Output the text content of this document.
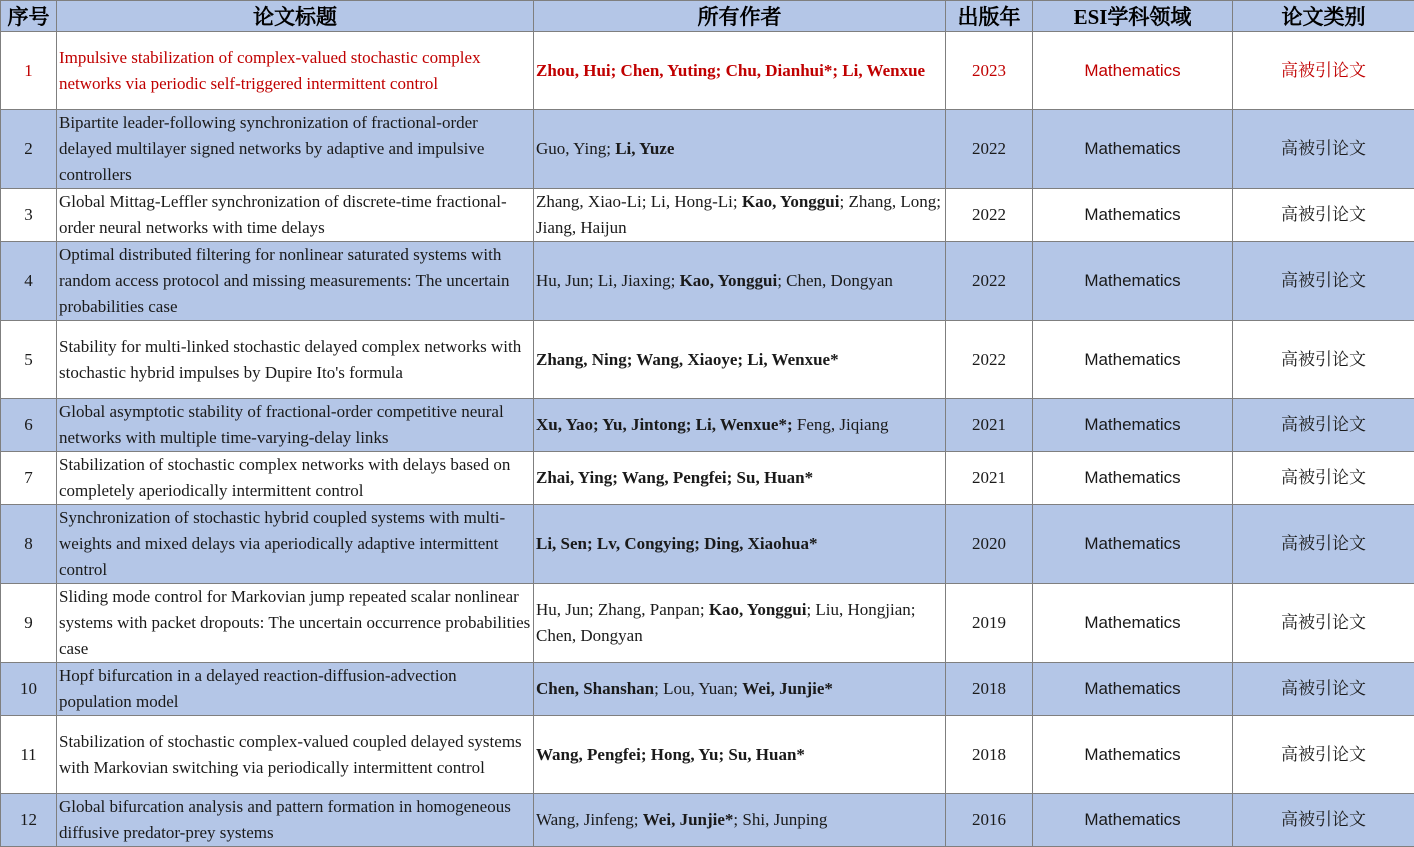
序号	论文标题	所有作者	出版年	ESI学科领域	论文类别
1	Impulsive stabilization of complex-valued stochastic complex networks via periodic self-triggered intermittent control	Zhou, Hui; Chen, Yuting; Chu, Dianhui*; Li, Wenxue	2023	Mathematics	高被引论文
2	Bipartite leader-following synchronization of fractional-order delayed multilayer signed networks by adaptive and impulsive controllers	Guo, Ying; Li, Yuze	2022	Mathematics	高被引论文
3	Global Mittag-Leffler synchronization of discrete-time fractional-order neural networks with time delays	Zhang, Xiao-Li; Li, Hong-Li; Kao, Yonggui; Zhang, Long; Jiang, Haijun	2022	Mathematics	高被引论文
4	Optimal distributed filtering for nonlinear saturated systems with random access protocol and missing measurements: The uncertain probabilities case	Hu, Jun; Li, Jiaxing; Kao, Yonggui; Chen, Dongyan	2022	Mathematics	高被引论文
5	Stability for multi-linked stochastic delayed complex networks with stochastic hybrid impulses by Dupire Ito's formula	Zhang, Ning; Wang, Xiaoye; Li, Wenxue*	2022	Mathematics	高被引论文
6	Global asymptotic stability of fractional-order competitive neural networks with multiple time-varying-delay links	Xu, Yao; Yu, Jintong; Li, Wenxue*; Feng, Jiqiang	2021	Mathematics	高被引论文
7	Stabilization of stochastic complex networks with delays based on completely aperiodically intermittent control	Zhai, Ying; Wang, Pengfei; Su, Huan*	2021	Mathematics	高被引论文
8	Synchronization of stochastic hybrid coupled systems with multi-weights and mixed delays via aperiodically adaptive intermittent control	Li, Sen; Lv, Congying; Ding, Xiaohua*	2020	Mathematics	高被引论文
9	Sliding mode control for Markovian jump repeated scalar nonlinear systems with packet dropouts: The uncertain occurrence probabilities case	Hu, Jun; Zhang, Panpan; Kao, Yonggui; Liu, Hongjian; Chen, Dongyan	2019	Mathematics	高被引论文
10	Hopf bifurcation in a delayed reaction-diffusion-advection population model	Chen, Shanshan; Lou, Yuan; Wei, Junjie*	2018	Mathematics	高被引论文
11	Stabilization of stochastic complex-valued coupled delayed systems with Markovian switching via periodically intermittent control	Wang, Pengfei; Hong, Yu; Su, Huan*	2018	Mathematics	高被引论文
12	Global bifurcation analysis and pattern formation in homogeneous diffusive predator-prey systems	Wang, Jinfeng; Wei, Junjie*; Shi, Junping	2016	Mathematics	高被引论文
